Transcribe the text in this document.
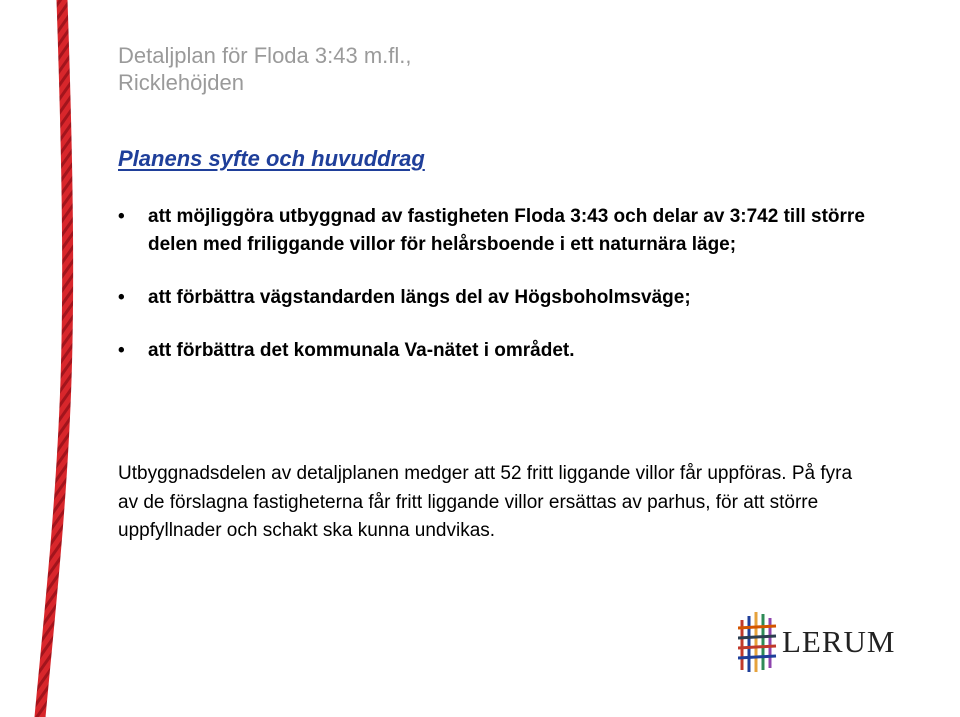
Detaljplan för Floda 3:43 m.fl.,
Ricklehöjden
Planens syfte och huvuddrag
• att möjliggöra utbyggnad av fastigheten Floda 3:43 och delar av 3:742 till större delen med friliggande villor för helårsboende i ett naturnära läge;
• att förbättra vägstandarden längs del av Högsboholmsväge;
• att förbättra det kommunala Va-nätet i området.
Utbyggnadsdelen av detaljplanen medger att 52 fritt liggande villor får uppföras. På fyra av de förslagna fastigheterna får fritt liggande villor ersättas av parhus, för att större uppfyllnader och schakt ska kunna undvikas.
LERUM
